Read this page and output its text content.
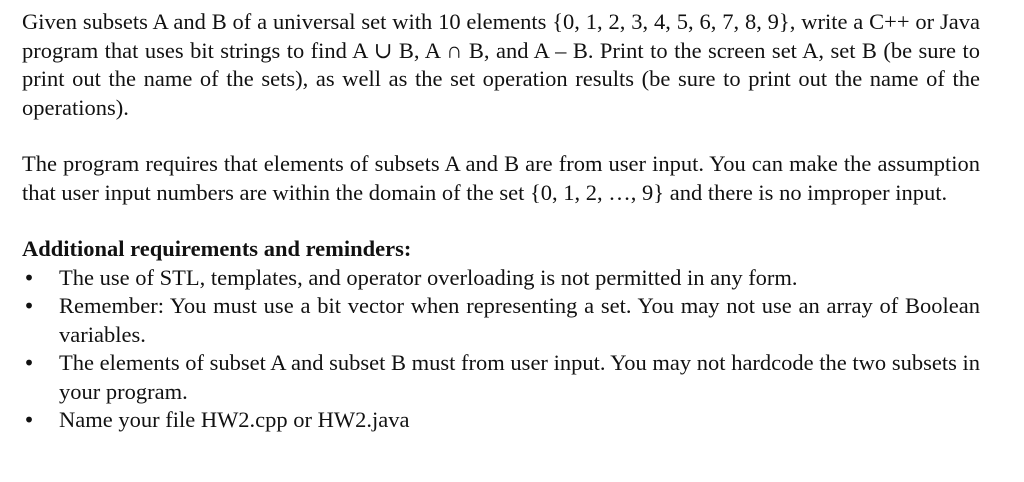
Given subsets A and B of a universal set with 10 elements {0, 1, 2, 3, 4, 5, 6, 7, 8, 9}, write a C++ or Java program that uses bit strings to find A ∪ B, A ∩ B, and A – B. Print to the screen set A, set B (be sure to print out the name of the sets), as well as the set operation results (be sure to print out the name of the operations).

The program requires that elements of subsets A and B are from user input. You can make the assumption that user input numbers are within the domain of the set {0, 1, 2, …, 9} and there is no improper input.

Additional requirements and reminders:

• The use of STL, templates, and operator overloading is not permitted in any form.
• Remember: You must use a bit vector when representing a set. You may not use an array of Boolean variables.
• The elements of subset A and subset B must from user input. You may not hardcode the two subsets in your program.
• Name your file HW2.cpp or HW2.java
